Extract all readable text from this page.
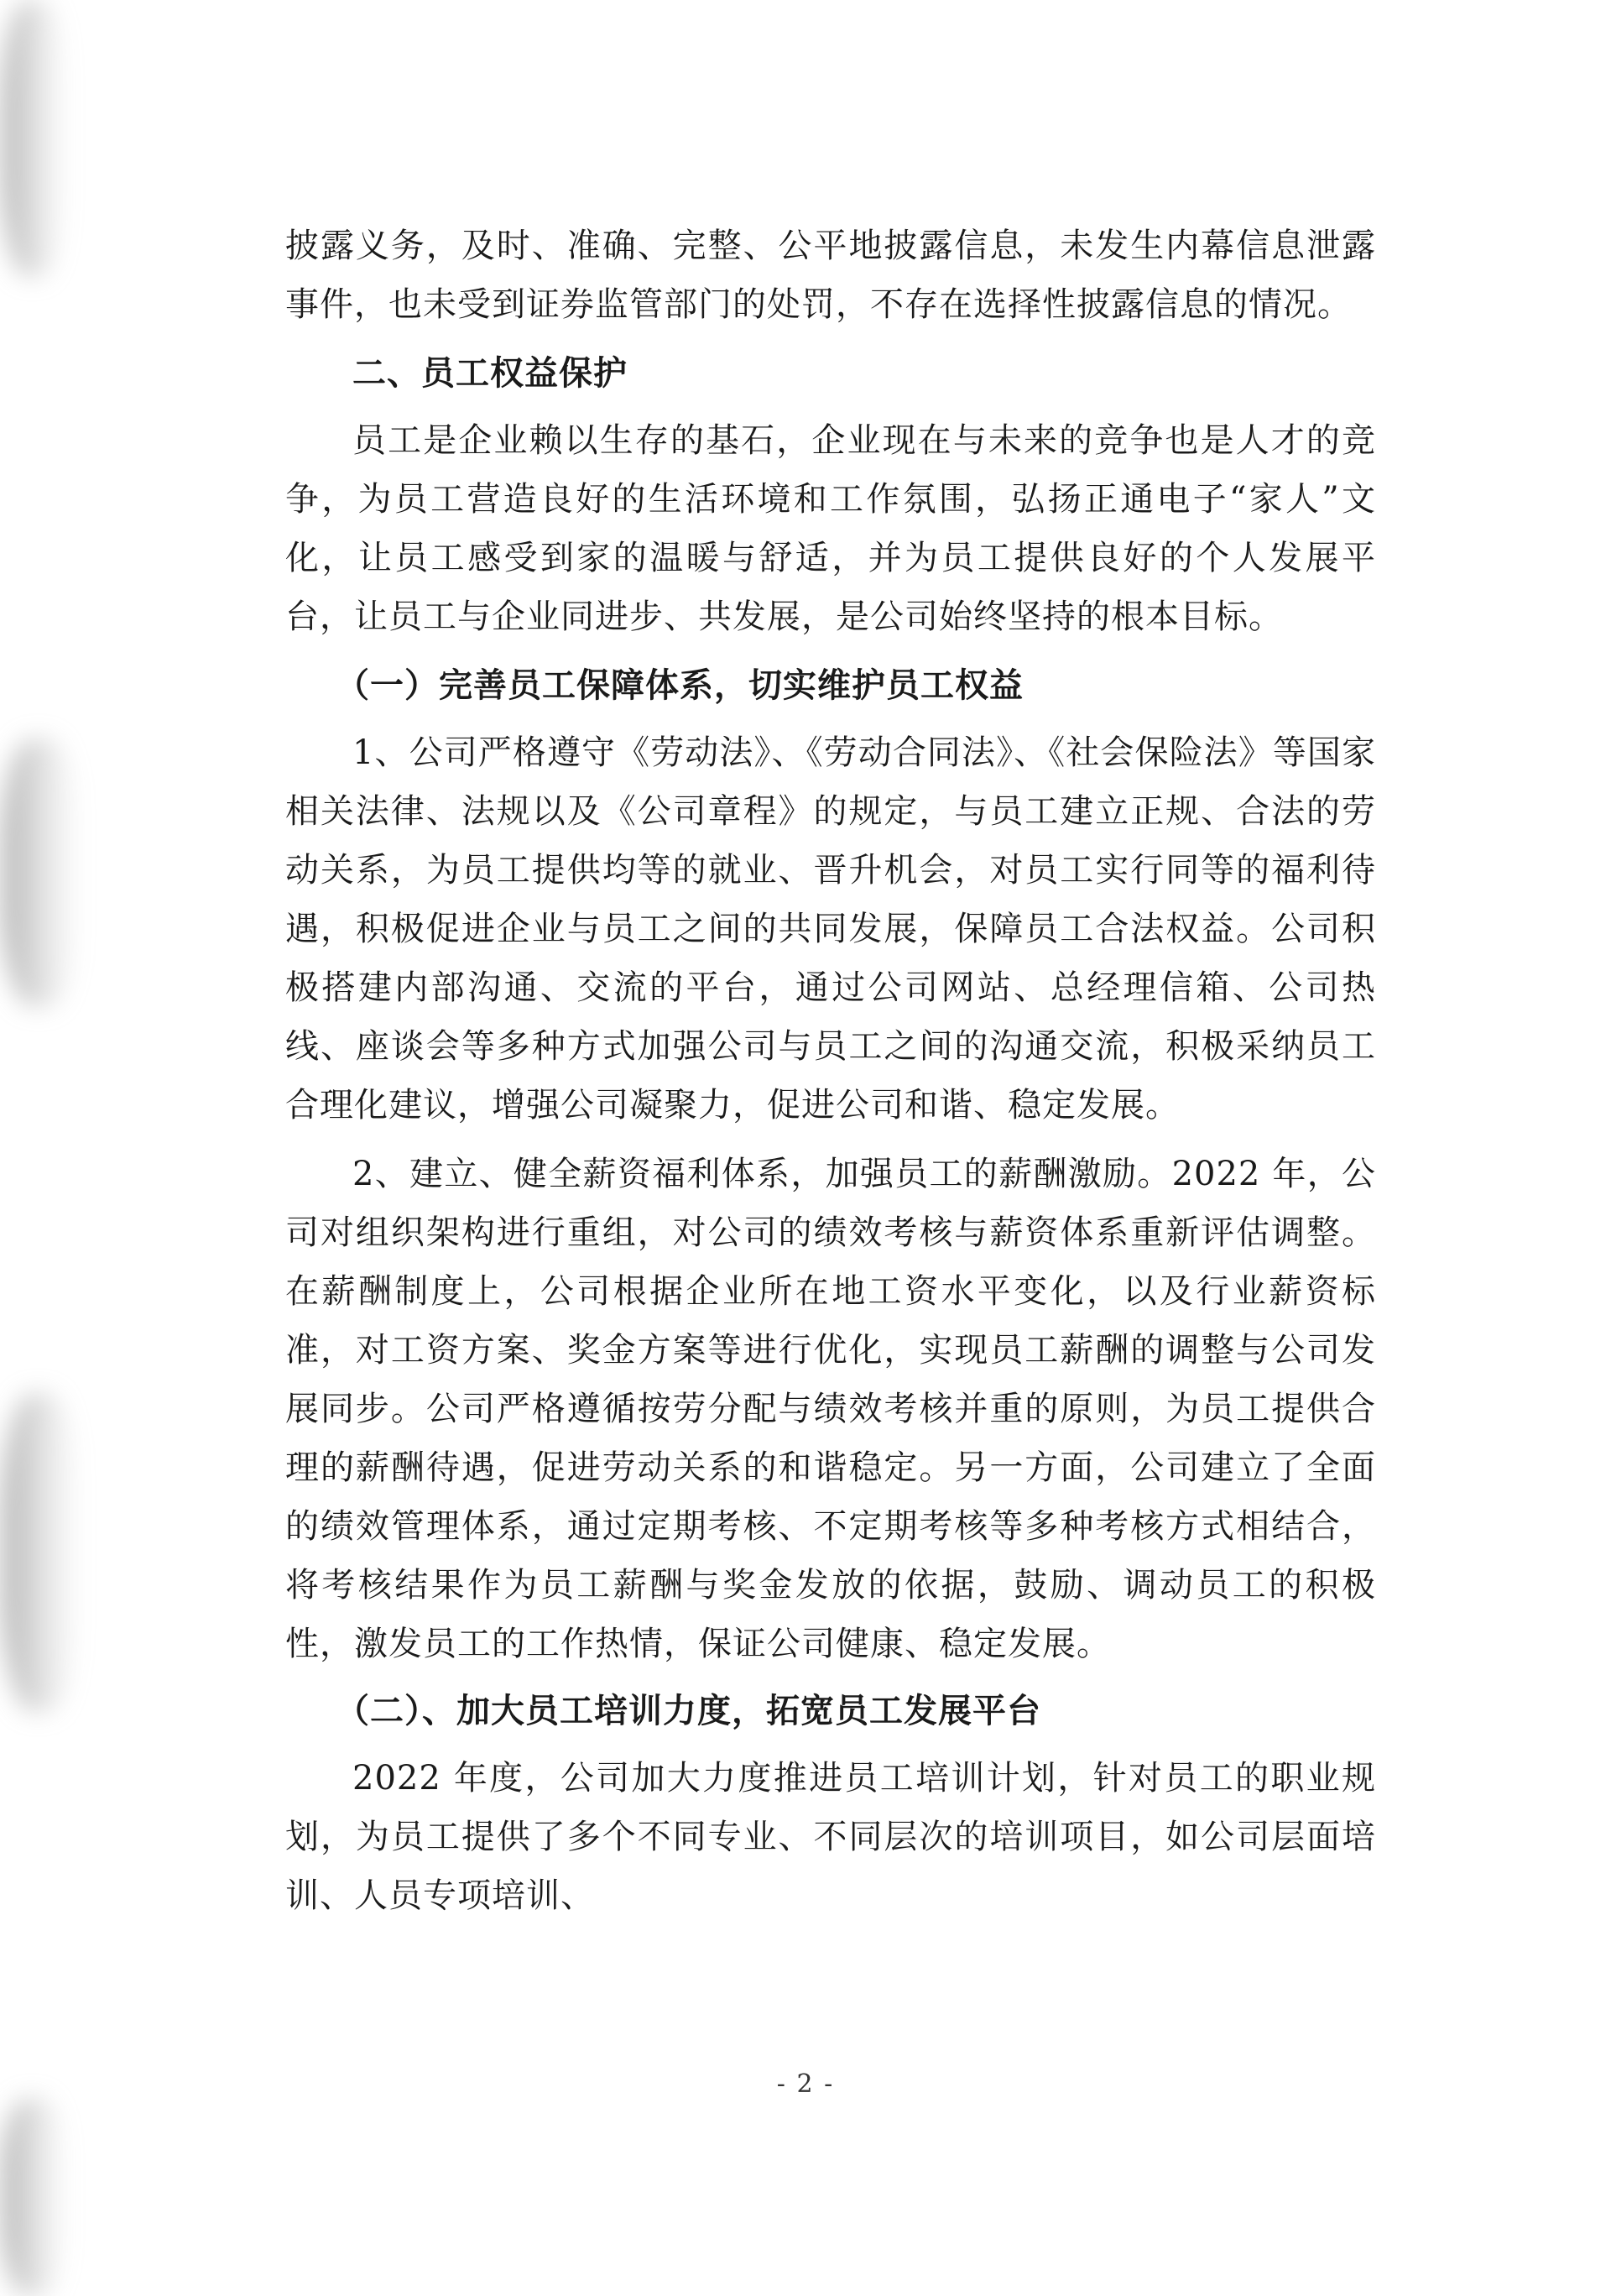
披露义务，及时、准确、完整、公平地披露信息，未发生内幕信息泄露事件，也未受到证券监管部门的处罚，不存在选择性披露信息的情况。

二、员工权益保护

员工是企业赖以生存的基石，企业现在与未来的竞争也是人才的竞争，为员工营造良好的生活环境和工作氛围，弘扬正通电子“家人”文化，让员工感受到家的温暖与舒适，并为员工提供良好的个人发展平台，让员工与企业同进步、共发展，是公司始终坚持的根本目标。

（一）完善员工保障体系，切实维护员工权益

1、公司严格遵守《劳动法》、《劳动合同法》、《社会保险法》等国家相关法律、法规以及《公司章程》的规定，与员工建立正规、合法的劳动关系，为员工提供均等的就业、晋升机会，对员工实行同等的福利待遇，积极促进企业与员工之间的共同发展，保障员工合法权益。公司积极搭建内部沟通、交流的平台，通过公司网站、总经理信箱、公司热线、座谈会等多种方式加强公司与员工之间的沟通交流，积极采纳员工合理化建议，增强公司凝聚力，促进公司和谐、稳定发展。

2、建立、健全薪资福利体系，加强员工的薪酬激励。2022 年，公司对组织架构进行重组，对公司的绩效考核与薪资体系重新评估调整。在薪酬制度上，公司根据企业所在地工资水平变化，以及行业薪资标准，对工资方案、奖金方案等进行优化，实现员工薪酬的调整与公司发展同步。公司严格遵循按劳分配与绩效考核并重的原则，为员工提供合理的薪酬待遇，促进劳动关系的和谐稳定。另一方面，公司建立了全面的绩效管理体系，通过定期考核、不定期考核等多种考核方式相结合，将考核结果作为员工薪酬与奖金发放的依据，鼓励、调动员工的积极性，激发员工的工作热情，保证公司健康、稳定发展。

（二）、加大员工培训力度，拓宽员工发展平台

2022 年度，公司加大力度推进员工培训计划，针对员工的职业规划，为员工提供了多个不同专业、不同层次的培训项目，如公司层面培训、人员专项培训、

- 2 -
